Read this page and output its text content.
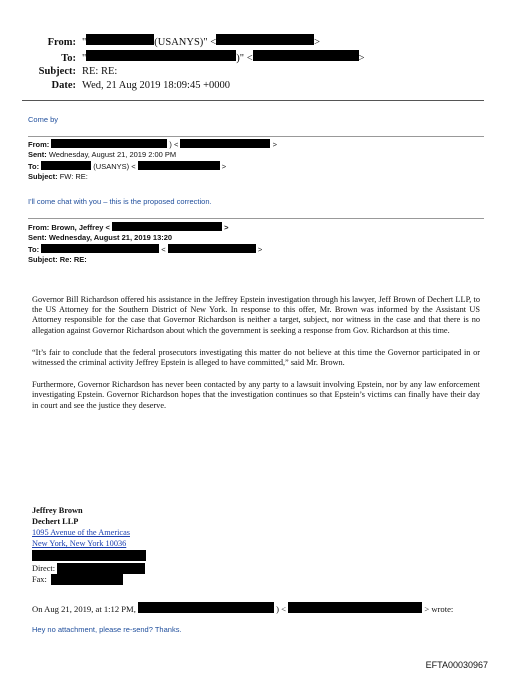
From: "	(USANYS)" <	>
To: "	)" <	>
Subject: RE: RE:
Date: Wed, 21 Aug 2019 18:09:45 +0000
Come by
From:	) <	>
Sent: Wednesday, August 21, 2019 2:00 PM
To:	(USANYS) <	>
Subject: FW: RE:
I'll come chat with you – this is the proposed correction.
From: Brown, Jeffrey <	>
Sent: Wednesday, August 21, 2019 13:20
To:	<	>
Subject: Re: RE:

Governor Bill Richardson offered his assistance in the Jeffrey Epstein investigation through his lawyer, Jeff Brown of Dechert LLP, to the US Attorney for the Southern District of New York. In response to this offer, Mr. Brown was informed by the Assistant US Attorney responsible for the case that Governor Richardson is neither a target, subject, nor witness in the case and that there is no allegation against Governor Richardson about which the government is seeking a response from Gov. Richardson at this time.

“It’s fair to conclude that the federal prosecutors investigating this matter do not believe at this time the Governor participated in or witnessed the criminal activity Jeffrey Epstein is alleged to have committed,” said Mr. Brown.

Furthermore, Governor Richardson has never been contacted by any party to a lawsuit involving Epstein, nor by any law enforcement investigating Epstein. Governor Richardson hopes that the investigation continues so that Epstein’s victims can finally have their day in court and see the justice they deserve.

Jeffrey Brown
Dechert LLP
1095 Avenue of the Americas
New York, New York 10036
Direct:
Fax:
On Aug 21, 2019, at 1:12 PM,	) <	> wrote:
Hey no attachment, please re-send? Thanks.
EFTA00030967
